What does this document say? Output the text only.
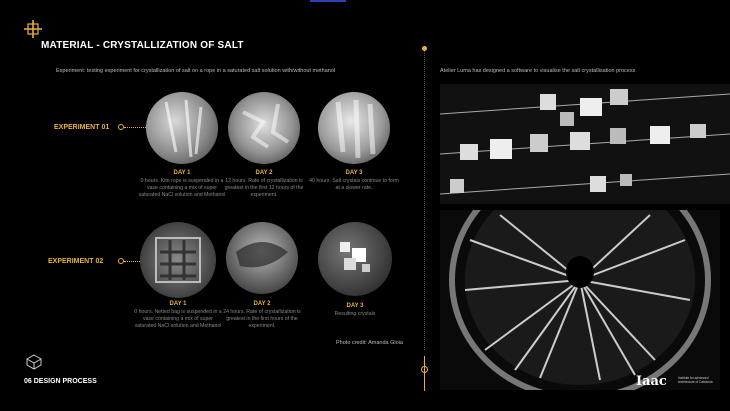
MATERIAL - CRYSTALLIZATION OF SALT
Experiment: testing experiment for crystallization of salt on a rope in a saturated salt solution with/without methanol	Atelier Luma has designed a software to visualise the salt crystallisation process
EXPERIMENT 01
DAY 1
0 hours. Kite rope is suspended in a vase containing a mix of super saturated NaCl solution and Methanol
DAY 2
12 hours. Rate of crystallization is greatest in the first 12 hours of the experiment.
DAY 3
40 hours. Salt crystals continue to form at a slower rate.
EXPERIMENT 02
DAY 1
0 hours. Netted bag is suspended in a vase containing a mix of super saturated NaCl solution and Methanol
DAY 2
24 hours. Rate of crystallization is greatest in the first hours of the experiment.
DAY 3
Resulting crystals
Photo credit: Amanda Gioia
06 DESIGN PROCESS	Iaac	Institute for advanced architecture of Catalonia
